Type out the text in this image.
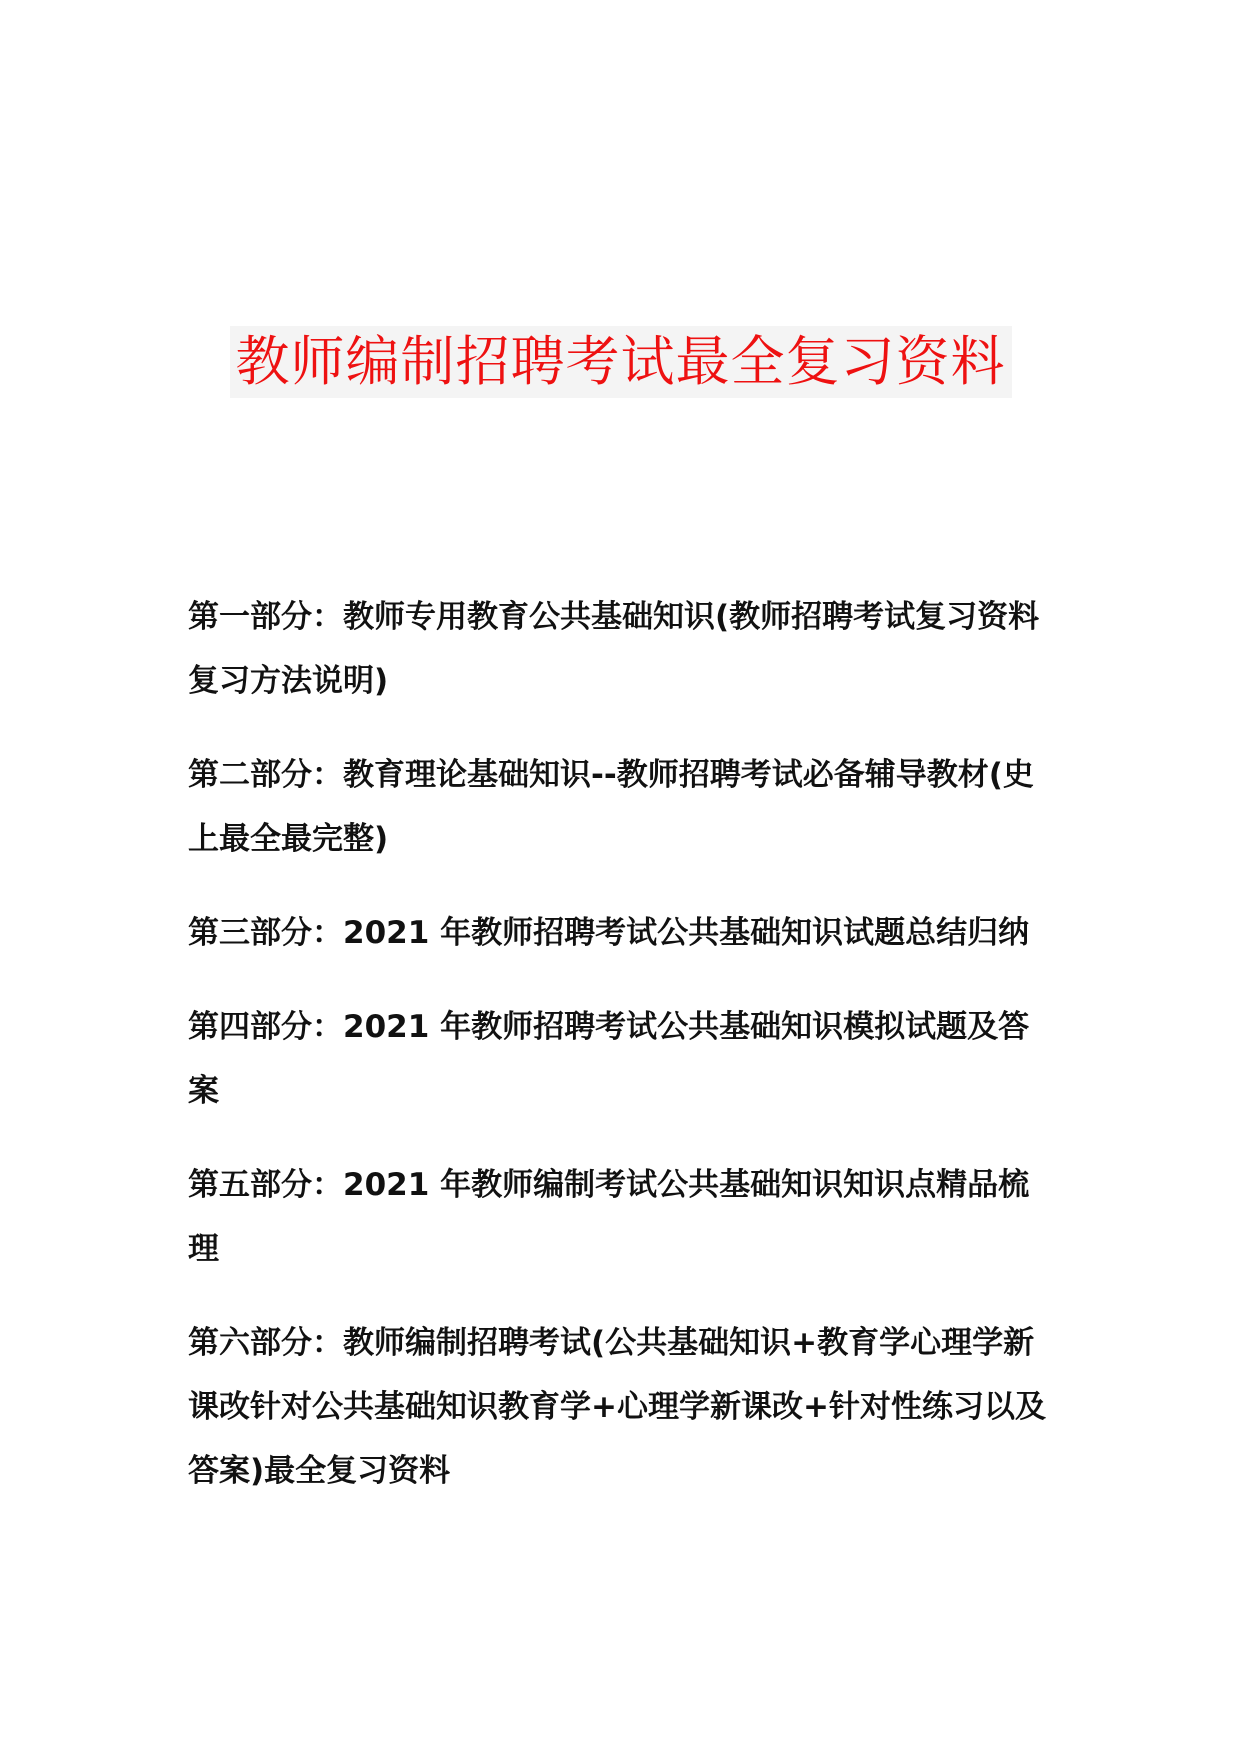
教师编制招聘考试最全复习资料
第一部分：教师专用教育公共基础知识(教师招聘考试复习资料复习方法说明)
第二部分：教育理论基础知识--教师招聘考试必备辅导教材(史上最全最完整)
第三部分：2021 年教师招聘考试公共基础知识试题总结归纳
第四部分：2021 年教师招聘考试公共基础知识模拟试题及答案
第五部分：2021 年教师编制考试公共基础知识知识点精品梳理
第六部分：教师编制招聘考试(公共基础知识+教育学心理学新课改针对公共基础知识教育学+心理学新课改+针对性练习以及答案)最全复习资料
